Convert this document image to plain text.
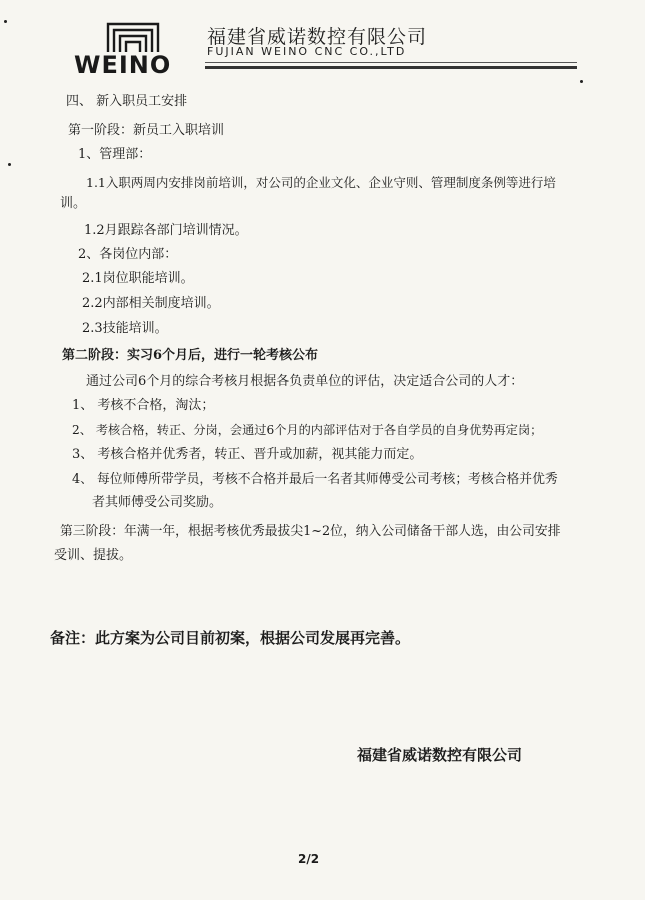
WEINO
福建省威诺数控有限公司
FUJIAN WEINO CNC CO.,LTD
四、 新入职员工安排
第一阶段：新员工入职培训
1、管理部：
1.1入职两周内安排岗前培训，对公司的企业文化、企业守则、管理制度条例等进行培
训。
1.2月跟踪各部门培训情况。
2、各岗位内部：
2.1岗位职能培训。
2.2内部相关制度培训。
2.3技能培训。
第二阶段：实习6个月后，进行一轮考核公布
通过公司6个月的综合考核月根据各负责单位的评估，决定适合公司的人才：
1、 考核不合格，淘汰；
2、 考核合格，转正、分岗，会通过6个月的内部评估对于各自学员的自身优势再定岗；
3、 考核合格并优秀者，转正、晋升或加薪，视其能力而定。
4、 每位师傅所带学员，考核不合格并最后一名者其师傅受公司考核；考核合格并优秀
者其师傅受公司奖励。
第三阶段：年满一年，根据考核优秀最拔尖1~2位，纳入公司储备干部人选，由公司安排
受训、提拔。
备注：此方案为公司目前初案，根据公司发展再完善。
福建省威诺数控有限公司
2/2
